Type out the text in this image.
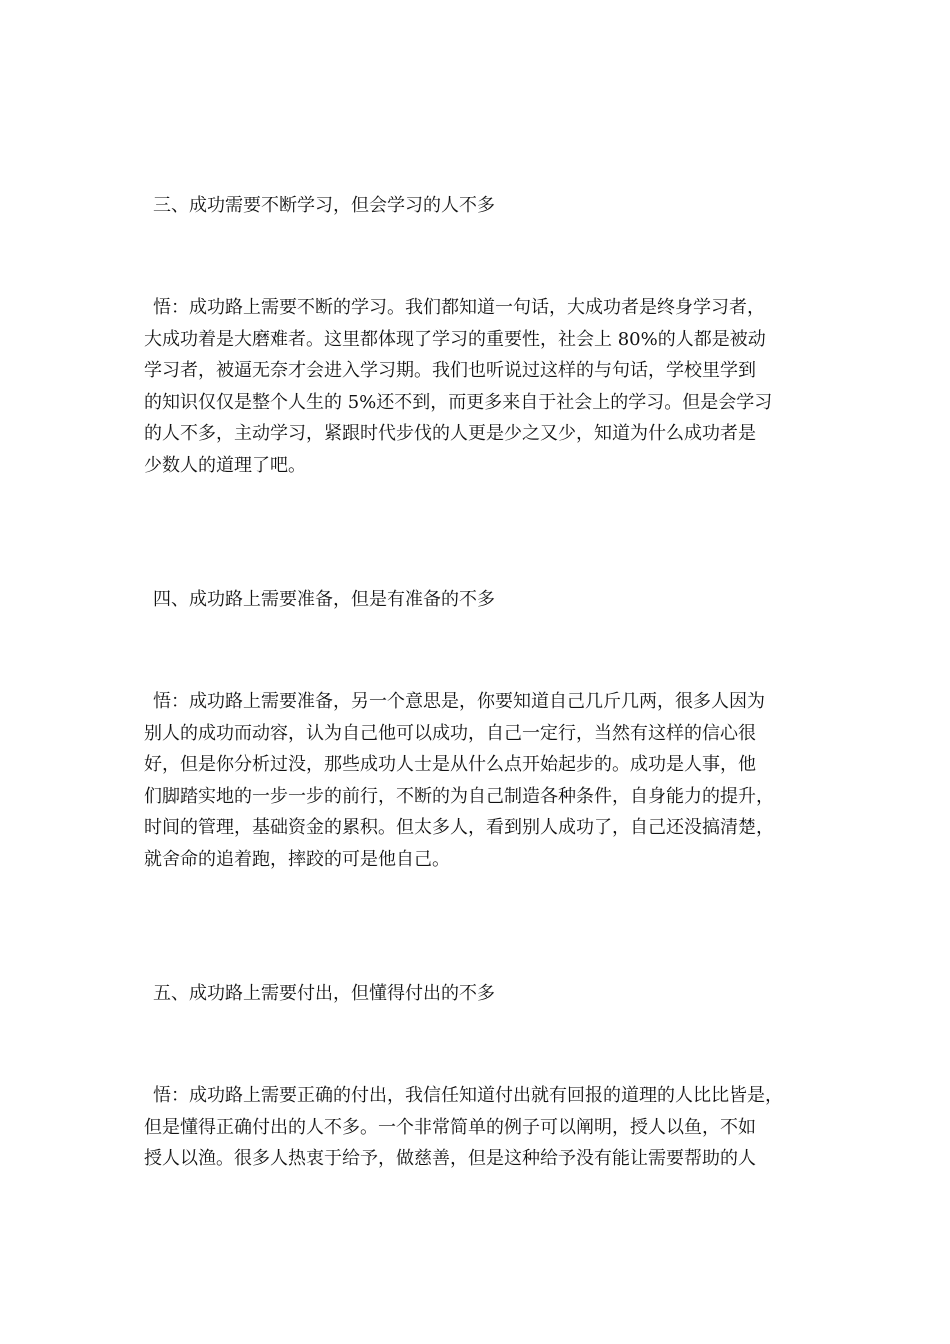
三、成功需要不断学习，但会学习的人不多
悟：成功路上需要不断的学习。我们都知道一句话，大成功者是终身学习者，
大成功着是大磨难者。这里都体现了学习的重要性，社会上 80%的人都是被动
学习者，被逼无奈才会进入学习期。我们也听说过这样的与句话，学校里学到
的知识仅仅是整个人生的 5%还不到，而更多来自于社会上的学习。但是会学习
的人不多，主动学习，紧跟时代步伐的人更是少之又少，知道为什么成功者是
少数人的道理了吧。
四、成功路上需要准备，但是有准备的不多
悟：成功路上需要准备，另一个意思是，你要知道自己几斤几两，很多人因为
别人的成功而动容，认为自己他可以成功，自己一定行，当然有这样的信心很
好，但是你分析过没，那些成功人士是从什么点开始起步的。成功是人事，他
们脚踏实地的一步一步的前行，不断的为自己制造各种条件，自身能力的提升，
时间的管理，基础资金的累积。但太多人，看到别人成功了，自己还没搞清楚，
就舍命的追着跑，摔跤的可是他自己。
五、成功路上需要付出，但懂得付出的不多
悟：成功路上需要正确的付出，我信任知道付出就有回报的道理的人比比皆是，
但是懂得正确付出的人不多。一个非常简单的例子可以阐明，授人以鱼，不如
授人以渔。很多人热衷于给予，做慈善，但是这种给予没有能让需要帮助的人
